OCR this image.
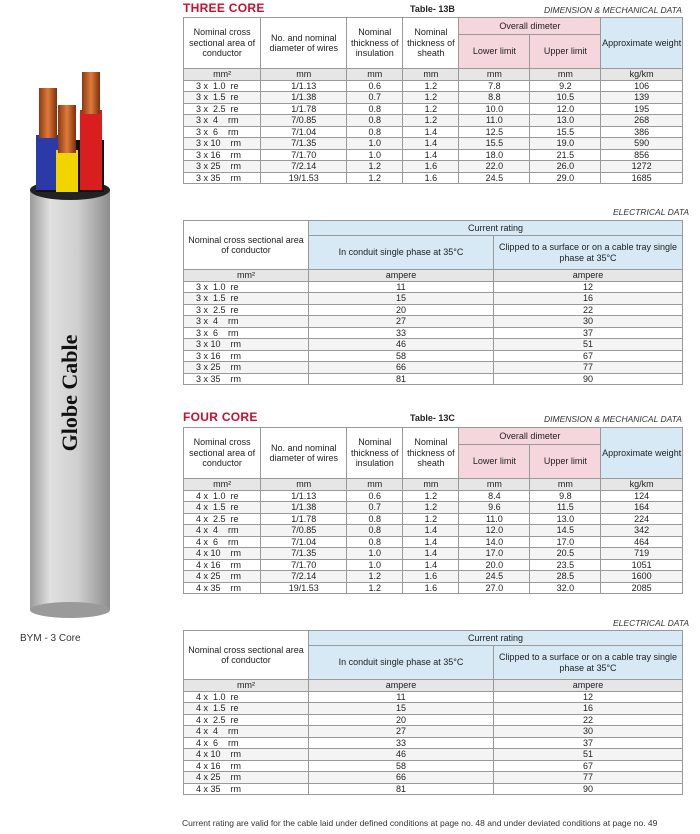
Globe Cable
BYM - 3 Core
THREE CORE	Table- 13B	DIMENSION & MECHANICAL DATA
Nominal cross sectional area of conductor	No. and nominal diameter of wires	Nominal thickness of insulation	Nominal thickness of sheath	Overall dimeter		Approximate weight
				Lower limit	Upper limit	
mm²	mm	mm	mm	mm	mm	kg/km
3 x  1.0  re	1/1.13	0.6	1.2	7.8	9.2	106
3 x  1.5  re	1/1.38	0.7	1.2	8.8	10.5	139
3 x  2.5  re	1/1.78	0.8	1.2	10.0	12.0	195
3 x  4    rm	7/0.85	0.8	1.2	11.0	13.0	268
3 x  6    rm	7/1.04	0.8	1.4	12.5	15.5	386
3 x 10    rm	7/1.35	1.0	1.4	15.5	19.0	590
3 x 16    rm	7/1.70	1.0	1.4	18.0	21.5	856
3 x 25    rm	7/2.14	1.2	1.6	22.0	26.0	1272
3 x 35    rm	19/1.53	1.2	1.6	24.5	29.0	1685
ELECTRICAL DATA
Nominal cross sectional area of conductor	Current rating	
	In conduit single phase at 35°C	Clipped to a surface or on a cable tray single phase at 35°C
mm²	ampere	ampere
3 x  1.0  re	11	12
3 x  1.5  re	15	16
3 x  2.5  re	20	22
3 x  4    rm	27	30
3 x  6    rm	33	37
3 x 10    rm	46	51
3 x 16    rm	58	67
3 x 25    rm	66	77
3 x 35    rm	81	90
FOUR CORE	Table- 13C	DIMENSION & MECHANICAL DATA
Nominal cross sectional area of conductor	No. and nominal diameter of wires	Nominal thickness of insulation	Nominal thickness of sheath	Overall dimeter		Approximate weight
				Lower limit	Upper limit	
mm²	mm	mm	mm	mm	mm	kg/km
4 x  1.0  re	1/1.13	0.6	1.2	8.4	9.8	124
4 x  1.5  re	1/1.38	0.7	1.2	9.6	11.5	164
4 x  2.5  re	1/1.78	0.8	1.2	11.0	13.0	224
4 x  4    rm	7/0.85	0.8	1.4	12.0	14.5	342
4 x  6    rm	7/1.04	0.8	1.4	14.0	17.0	464
4 x 10    rm	7/1.35	1.0	1.4	17.0	20.5	719
4 x 16    rm	7/1.70	1.0	1.4	20.0	23.5	1051
4 x 25    rm	7/2.14	1.2	1.6	24.5	28.5	1600
4 x 35    rm	19/1.53	1.2	1.6	27.0	32.0	2085
ELECTRICAL DATA
Nominal cross sectional area of conductor	Current rating	
	In conduit single phase at 35°C	Clipped to a surface or on a cable tray single phase at 35°C
mm²	ampere	ampere
4 x  1.0  re	11	12
4 x  1.5  re	15	16
4 x  2.5  re	20	22
4 x  4    rm	27	30
4 x  6    rm	33	37
4 x 10    rm	46	51
4 x 16    rm	58	67
4 x 25    rm	66	77
4 x 35    rm	81	90
Current rating are valid for the cable laid under defined conditions at page no. 48 and under deviated conditions at page no. 49
